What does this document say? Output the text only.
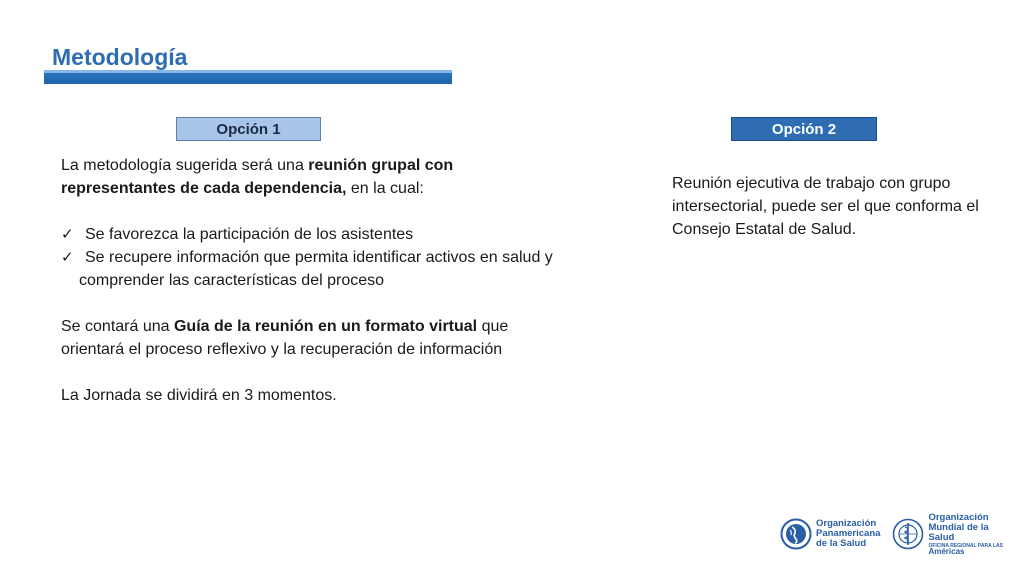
Metodología
Opción 1	Opción 2

La metodología sugerida será una reunión grupal con representantes de cada dependencia, en la cual:

✓ Se favorezca la participación de los asistentes
✓ Se recupere información que permita identificar activos en salud y

comprender las características del proceso

Se contará una Guía de la reunión en un formato virtual que orientará el proceso reflexivo y la recuperación de información

La Jornada se dividirá en 3 momentos.

Reunión ejecutiva de trabajo con grupo intersectorial, puede ser el que conforma el Consejo Estatal de Salud.
Organización
Panamericana
de la Salud
Organización
Mundial de la Salud
OFICINA REGIONAL PARA LAS Américas
